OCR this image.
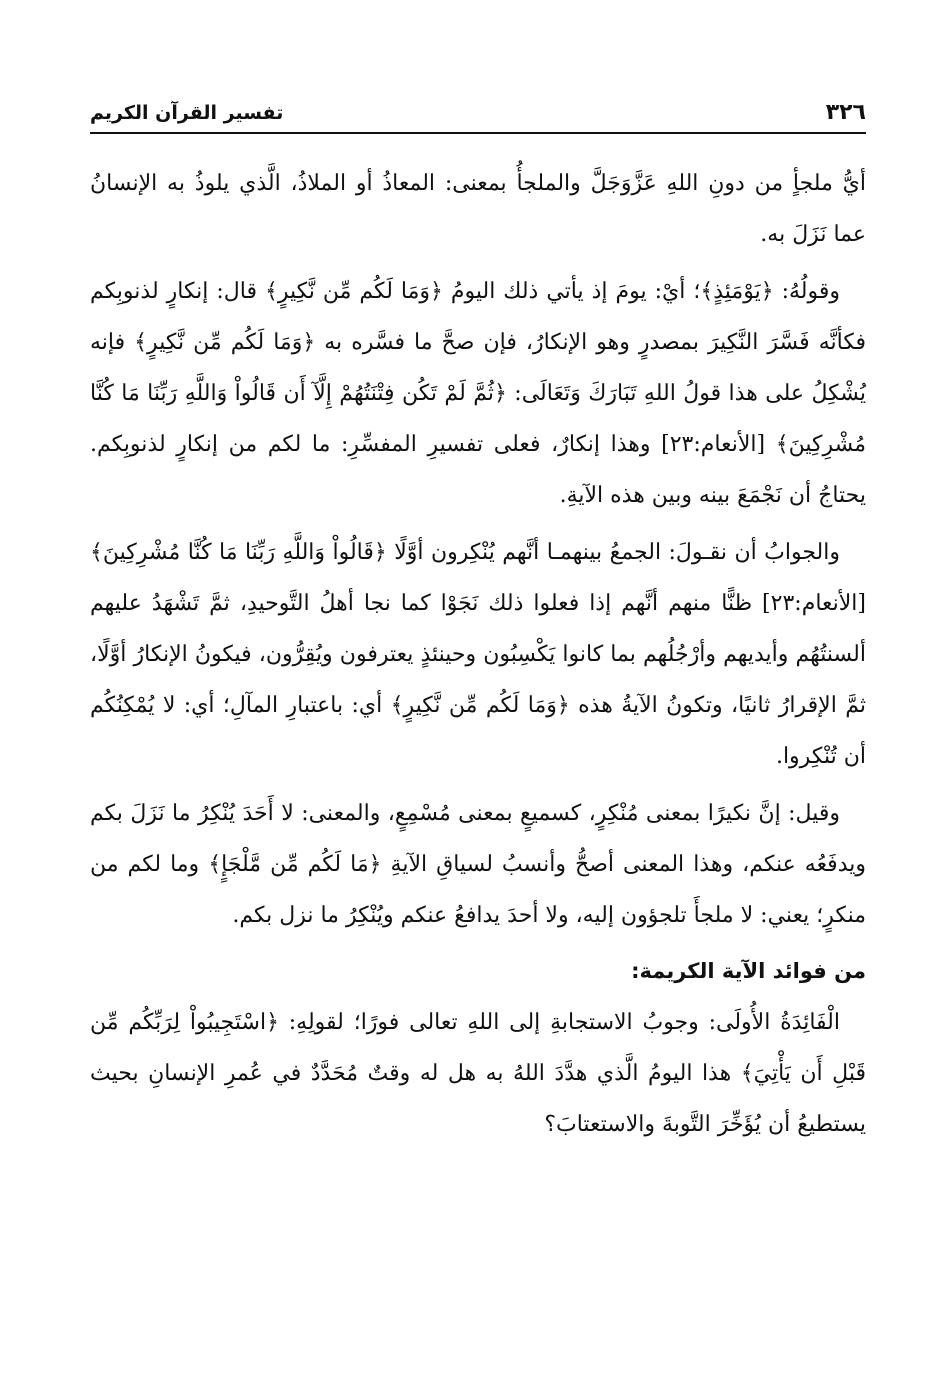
٣٢٦
تفسير القرآن الكريم

أيُّ ملجأٍ من دونِ اللهِ عَزَّوَجَلَّ والملجأُ بمعنى: المعاذُ أو الملاذُ، الَّذي يلوذُ به الإنسانُ عما نَزَلَ به.

وقولُهُ: ﴿يَوْمَئِذٍ﴾؛ أيْ: يومَ إذ يأتي ذلك اليومُ ﴿وَمَا لَكُم مِّن نَّكِيرٍ﴾ قال: إنكارٍ لذنوبِكم فكأنَّه فَسَّرَ النَّكِيرَ بمصدرٍ وهو الإنكارُ، فإن صحَّ ما فسَّره به ﴿وَمَا لَكُم مِّن نَّكِيرٍ﴾ فإنه يُشْكِلُ على هذا قولُ اللهِ تَبَارَكَ وَتَعَالَى: ﴿ثُمَّ لَمْ تَكُن فِتْنَتُهُمْ إِلَّآ أَن قَالُواْ وَاللَّهِ رَبِّنَا مَا كُنَّا مُشْرِكِينَ﴾ [الأنعام:٢٣] وهذا إنكارٌ، فعلى تفسيرِ المفسِّرِ: ما لكم من إنكارٍ لذنوبِكم. يحتاجُ أن نَجْمَعَ بينه وبين هذه الآيةِ.

والجوابُ أن نقـولَ: الجمعُ بينهمـا أنَّهم يُنْكِرون أوَّلًا ﴿قَالُواْ وَاللَّهِ رَبِّنَا مَا كُنَّا مُشْرِكِينَ﴾ [الأنعام:٢٣] ظنًّا منهم أنَّهم إذا فعلوا ذلك نَجَوْا كما نجا أهلُ التَّوحيدِ، ثمَّ تَشْهَدُ عليهم ألسنتُهُم وأيديهم وأرْجُلُهم بما كانوا يَكْسِبُون وحينئذٍ يعترفون ويُقِرُّون، فيكونُ الإنكارُ أوَّلًا، ثمَّ الإقرارُ ثانيًا، وتكونُ الآيةُ هذه ﴿وَمَا لَكُم مِّن نَّكِيرٍ﴾ أي: باعتبارِ المآلِ؛ أي: لا يُمْكِنُكُم أن تُنْكِروا.

وقيل: إنَّ نكيرًا بمعنى مُنْكِرٍ، كسميعٍ بمعنى مُسْمِعٍ، والمعنى: لا أَحَدَ يُنْكِرُ ما نَزَلَ بكم ويدفَعُه عنكم، وهذا المعنى أصحُّ وأنسبُ لسياقِ الآيةِ ﴿مَا لَكُم مِّن مَّلْجَإٍ﴾ وما لكم من منكرٍ؛ يعني: لا ملجأَ تلجؤون إليه، ولا أحدَ يدافعُ عنكم ويُنْكِرُ ما نزل بكم.

من فوائد الآية الكريمة:

الْفَائِدَةُ الأُولَى: وجوبُ الاستجابةِ إلى اللهِ تعالى فورًا؛ لقولِهِ: ﴿اسْتَجِيبُواْ لِرَبِّكُم مِّن قَبْلِ أَن يَأْتِيَ﴾ هذا اليومُ الَّذي هدَّدَ اللهُ به هل له وقتٌ مُحَدَّدٌ في عُمرِ الإنسانِ بحيث يستطيعُ أن يُؤَخِّرَ التَّوبةَ والاستعتابَ؟
